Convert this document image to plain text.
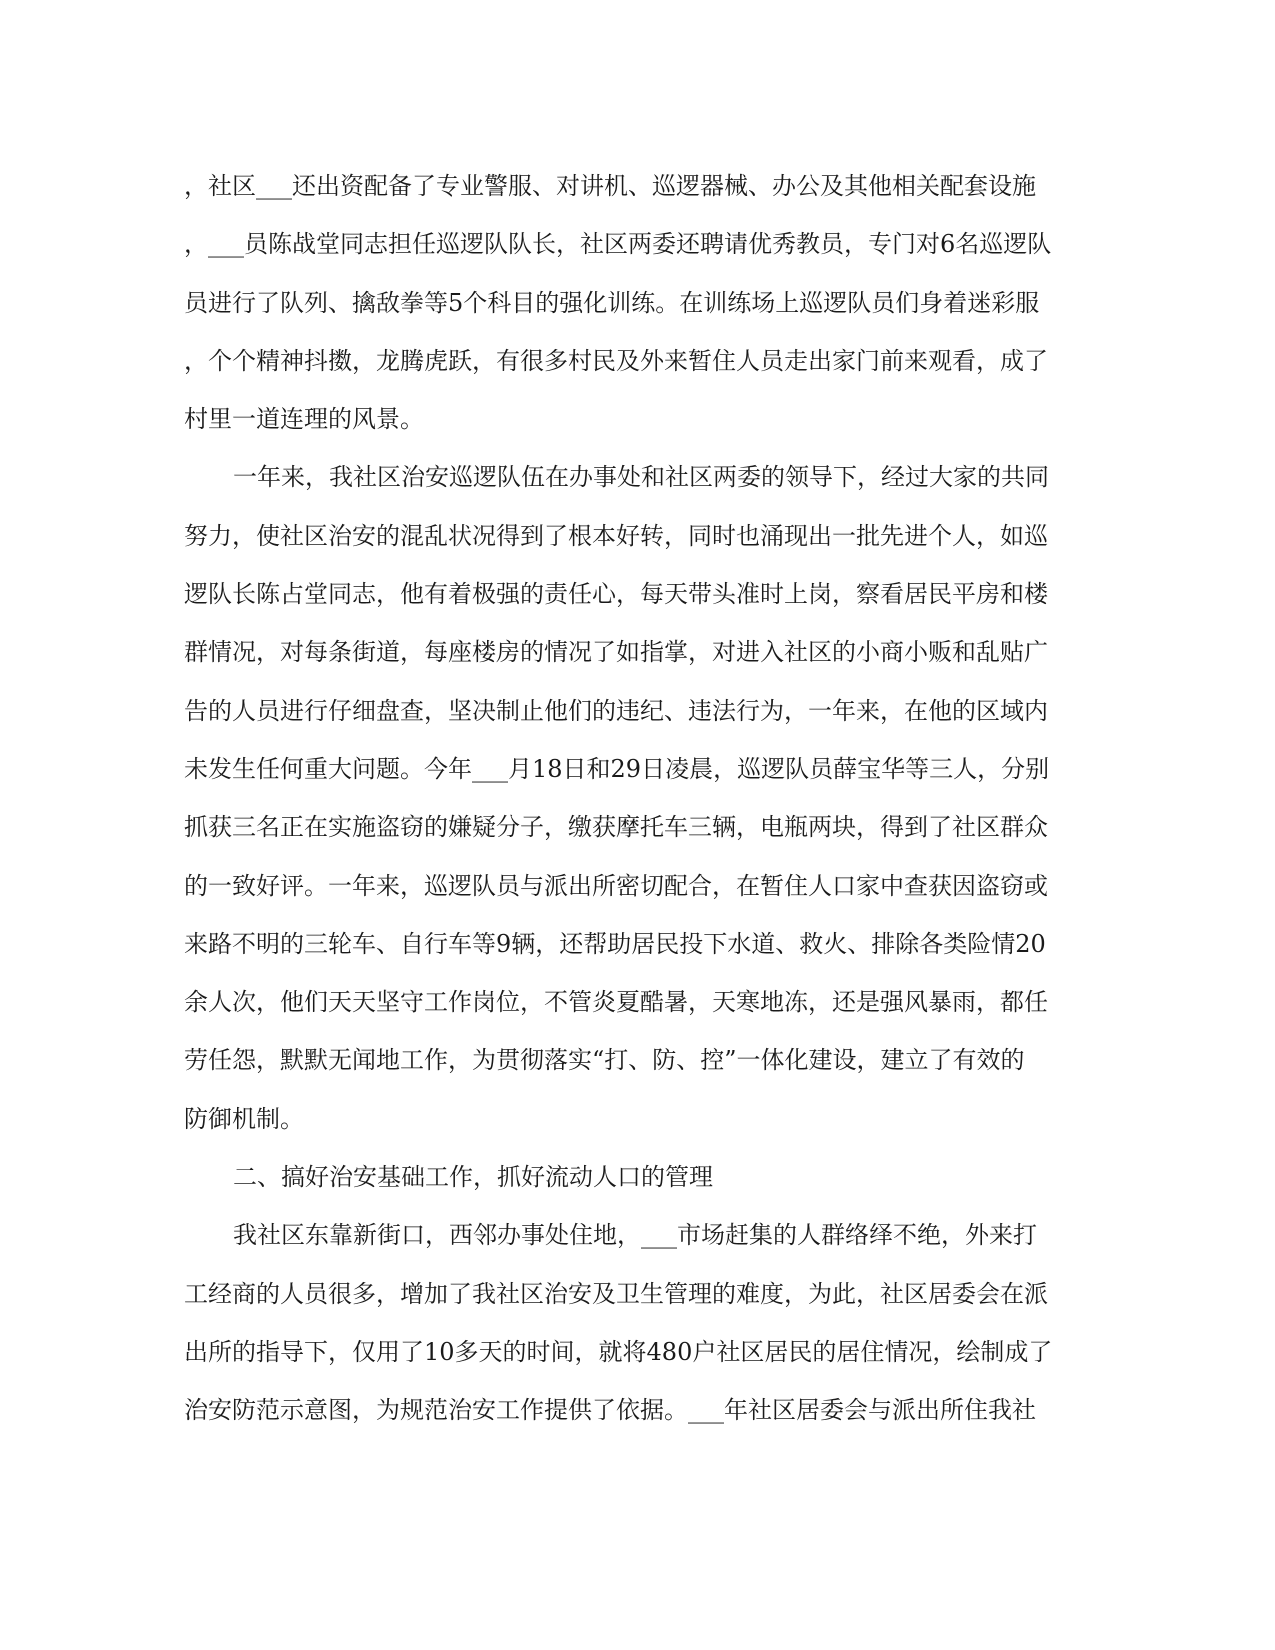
，社区___还出资配备了专业警服、对讲机、巡逻器械、办公及其他相关配套设施
，___员陈战堂同志担任巡逻队队长，社区两委还聘请优秀教员，专门对6名巡逻队
员进行了队列、擒敌拳等5个科目的强化训练。在训练场上巡逻队员们身着迷彩服
，个个精神抖擞，龙腾虎跃，有很多村民及外来暂住人员走出家门前来观看，成了
村里一道连理的风景。
一年来，我社区治安巡逻队伍在办事处和社区两委的领导下，经过大家的共同
努力，使社区治安的混乱状况得到了根本好转，同时也涌现出一批先进个人，如巡
逻队长陈占堂同志，他有着极强的责任心，每天带头准时上岗，察看居民平房和楼
群情况，对每条街道，每座楼房的情况了如指掌，对进入社区的小商小贩和乱贴广
告的人员进行仔细盘查，坚决制止他们的违纪、违法行为，一年来，在他的区域内
未发生任何重大问题。今年___月18日和29日凌晨，巡逻队员薛宝华等三人，分别
抓获三名正在实施盗窃的嫌疑分子，缴获摩托车三辆，电瓶两块，得到了社区群众
的一致好评。一年来，巡逻队员与派出所密切配合，在暂住人口家中查获因盗窃或
来路不明的三轮车、自行车等9辆，还帮助居民投下水道、救火、排除各类险情20
余人次，他们天天坚守工作岗位，不管炎夏酷暑，天寒地冻，还是强风暴雨，都任
劳任怨，默默无闻地工作，为贯彻落实“打、防、控”一体化建设，建立了有效的
防御机制。
二、搞好治安基础工作，抓好流动人口的管理
我社区东靠新街口，西邻办事处住地，___市场赶集的人群络绎不绝，外来打
工经商的人员很多，增加了我社区治安及卫生管理的难度，为此，社区居委会在派
出所的指导下，仅用了10多天的时间，就将480户社区居民的居住情况，绘制成了
治安防范示意图，为规范治安工作提供了依据。___年社区居委会与派出所住我社
